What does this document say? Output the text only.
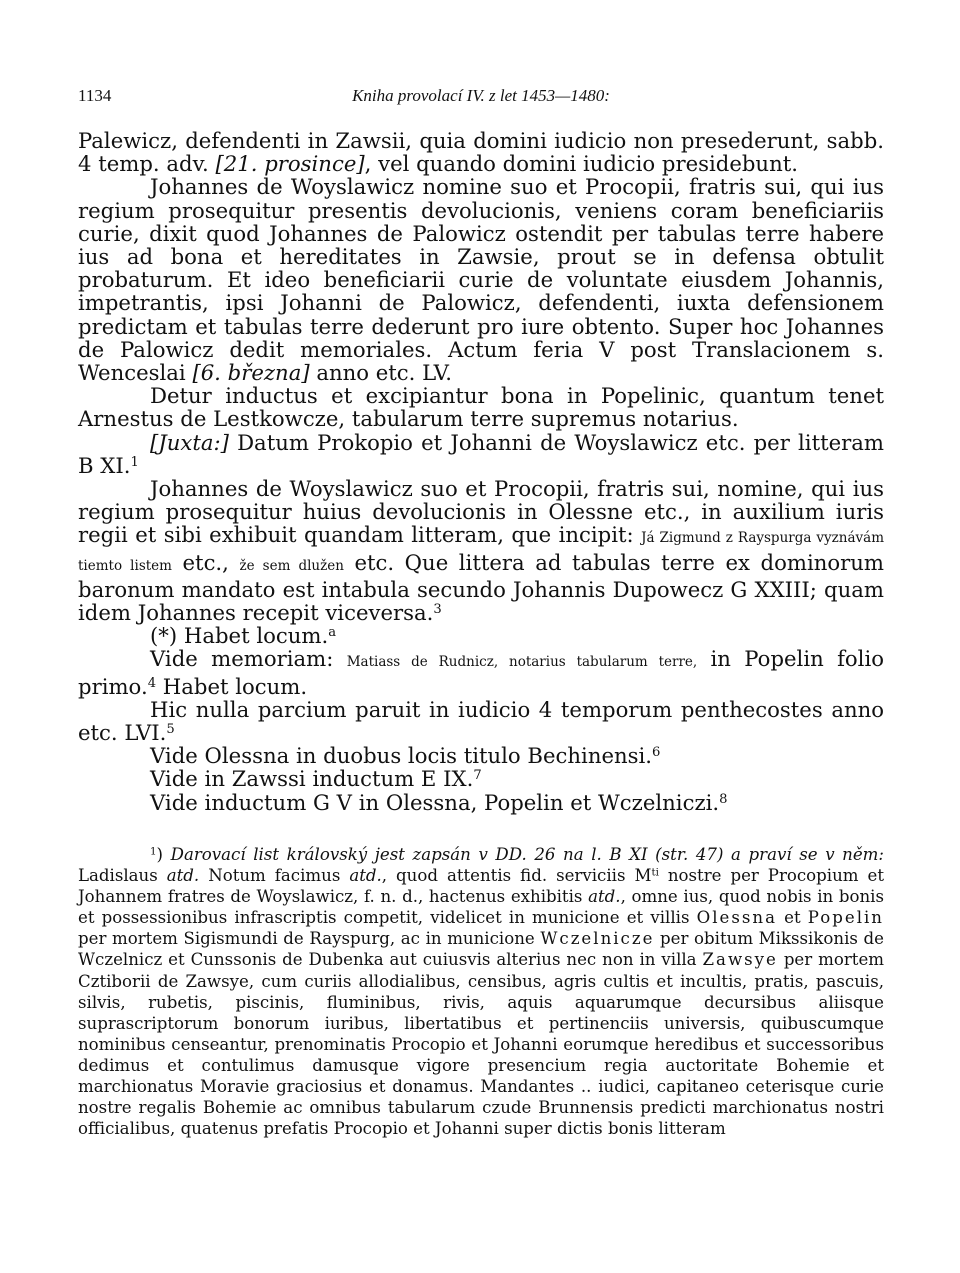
1134	Kniha provolací IV. z let 1453—1480:

Palewicz, defendenti in Zawsii, quia domini iudicio non presederunt, sabb. 4 temp. adv. [21. prosince], vel quando domini iudicio presidebunt.

Johannes de Woyslawicz nomine suo et Procopii, fratris sui, qui ius regium prosequitur presentis devolucionis, veniens coram beneficiariis curie, dixit quod Johannes de Palowicz ostendit per tabulas terre habere ius ad bona et hereditates in Zawsie, prout se in defensa obtulit probaturum. Et ideo beneficiarii curie de voluntate eiusdem Johannis, impetrantis, ipsi Johanni de Palowicz, defendenti, iuxta defensionem predictam et tabulas terre dederunt pro iure obtento. Super hoc Johannes de Palowicz dedit memoriales. Actum feria V post Translacionem s. Wenceslai [6. března] anno etc. LV.

Detur inductus et excipiantur bona in Popelinic, quantum tenet Arnestus de Lestkowcze, tabularum terre supremus notarius.

[Juxta:] Datum Prokopio et Johanni de Woyslawicz etc. per litteram B XI.$^1$

Johannes de Woyslawicz suo et Procopii, fratris sui, nomine, qui ius regium prosequitur huius devolucionis in Olessne etc., in auxilium iuris regii et sibi exhibuit quandam litteram, que incipit: Já Zigmund z Rayspurga vyznávám tiemto listem etc., že sem dlužen etc. Que littera ad tabulas terre ex dominorum baronum mandato est intabula secundo Johannis Dupowecz G XXIII; quam idem Johannes recepit viceversa.$^3$

(*) Habet locum.$^a$

Vide memoriam: Matiass de Rudnicz, notarius tabularum terre, in Popelin folio primo.$^4$ Habet locum.

Hic nulla parcium paruit in iudicio 4 temporum penthecostes anno etc. LVI.$^5$

Vide Olessna in duobus locis titulo Bechinensi.$^6$

Vide in Zawssi inductum E IX.$^7$

Vide inductum G V in Olessna, Popelin et Wczelniczi.$^8$

$^1$) Darovací list královský jest zapsán v DD. 26 na l. B XI (str. 47) a praví se v něm: Ladislaus atd. Notum facimus atd., quod attentis fid. serviciis $M^{ti}$ nostre per Procopium et Johannem fratres de Woyslawicz, f. n. d., hactenus exhibitis atd., omne ius, quod nobis in bonis et possessionibus infrascriptis competit, videlicet in municione et villis Olessna et Popelin per mortem Sigismundi de Rayspurg, ac in municione Wczelnicze per obitum Mikssikonis de Wczelnicz et Cunssonis de Dubenka aut cuiusvis alterius nec non in villa Zawsye per mortem Cztiborii de Zawsye, cum curiis allodialibus, censibus, agris cultis et incultis, pratis, pascuis, silvis, rubetis, piscinis, fluminibus, rivis, aquis aquarumque decursibus aliisque suprascriptorum bonorum iuribus, libertatibus et pertinenciis universis, quibuscumque nominibus censeantur, prenominatis Procopio et Johanni eorumque heredibus et successoribus dedimus et contulimus damusque vigore presencium regia auctoritate Bohemie et marchionatus Moravie graciosius et donamus. Mandantes .. iudici, capitaneo ceterisque curie nostre regalis Bohemie ac omnibus tabularum czude Brunnensis predicti marchionatus nostri officialibus, quatenus prefatis Procopio et Johanni super dictis bonis litteram
